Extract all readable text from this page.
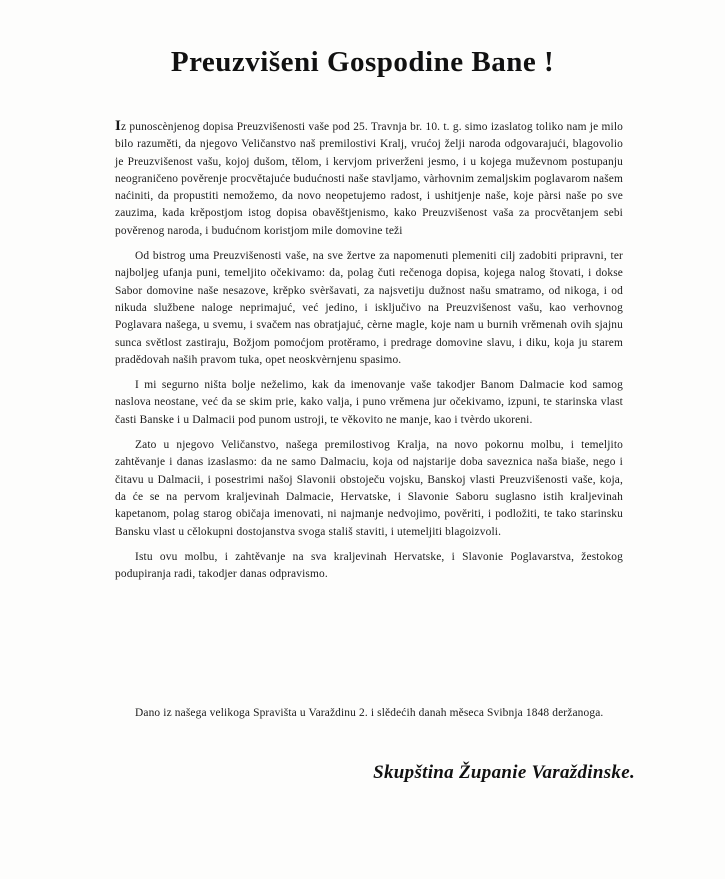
Preuzvišeni Gospodine Bane !

Iz punoscènjenog dopisa Preuzvišenosti vaše pod 25. Travnja br. 10. t. g. simo izaslatog toliko nam je milo bilo razuměti, da njegovo Veličanstvo naš premilostivi Kralj, vrućoj želji naroda odgovarajući, blagovolio je Preuzvišenost vašu, kojoj dušom, tělom, i kervjom priverženi jesmo, i u kojega muževnom postupanju neograničeno pověrenje procvětajuće budućnosti naše stavljamo, vàrhovnim zemaljskim poglavarom našem naćiniti, da propustiti nemožemo, da novo neopetujemo radost, i ushitjenje naše, koje pàrsi naše po sve zauzima, kada krěpostjom istog dopisa obavěštjenismo, kako Preuzvišenost vaša za procvětanjem sebi pověrenog naroda, i budućnom koristjom mile domovine teži

Od bistrog uma Preuzvišenosti vaše, na sve žertve za napomenuti plemeniti cilj zadobiti pripravni, ter najboljeg ufanja puni, temeljito očekivamo: da, polag čuti rečenoga dopisa, kojega nalog štovati, i dokse Sabor domovine naše nesazove, krěpko svèršavati, za najsvetiju dužnost našu smatramo, od nikoga, i od nikuda službene naloge neprimajuć, već jedino, i isključivo na Preuzvišenost vašu, kao verhovnog Poglavara našega, u svemu, i svačem nas obratjajuć, cèrne magle, koje nam u burnih vrěmenah ovih sjajnu sunca světlost zastiraju, Božjom pomoćjom protěramo, i predrage domovine slavu, i diku, koja ju starem pradědovah naših pravom tuka, opet neoskvèrnjenu spasimo.

I mi segurno ništa bolje neželimo, kak da imenovanje vaše takodjer Banom Dalmacie kod samog naslova neostane, već da se skim prie, kako valja, i puno vrěmena jur očekivamo, izpuni, te starinska vlast časti Banske i u Dalmacii pod punom ustroji, te věkovito ne manje, kao i tvèrdo ukoreni.

Zato u njegovo Veličanstvo, našega premilostivog Kralja, na novo pokornu molbu, i temeljito zahtěvanje i danas izaslasmo: da ne samo Dalmaciu, koja od najstarije doba saveznica naša biaše, nego i čitavu u Dalmacii, i posestrimi našoj Slavonii obstoječu vojsku, Banskoj vlasti Preuzvišenosti vaše, koja, da će se na pervom kraljevinah Dalmacie, Hervatske, i Slavonie Saboru suglasno istih kraljevinah kapetanom, polag starog običaja imenovati, ni najmanje nedvojimo, pověriti, i podložiti, te tako starinsku Bansku vlast u cělokupni dostojanstva svoga stališ staviti, i utemeljiti blagoizvoli.

Istu ovu molbu, i zahtěvanje na sva kraljevinah Hervatske, i Slavonie Poglavarstva, žestokog podupiranja radi, takodjer danas odpravismo.

Dano iz našega velikoga Spravišta u Varaždinu 2. i slědećih danah měseca Svibnja 1848 deržanoga.
Skupština Županie Varaždinske.
